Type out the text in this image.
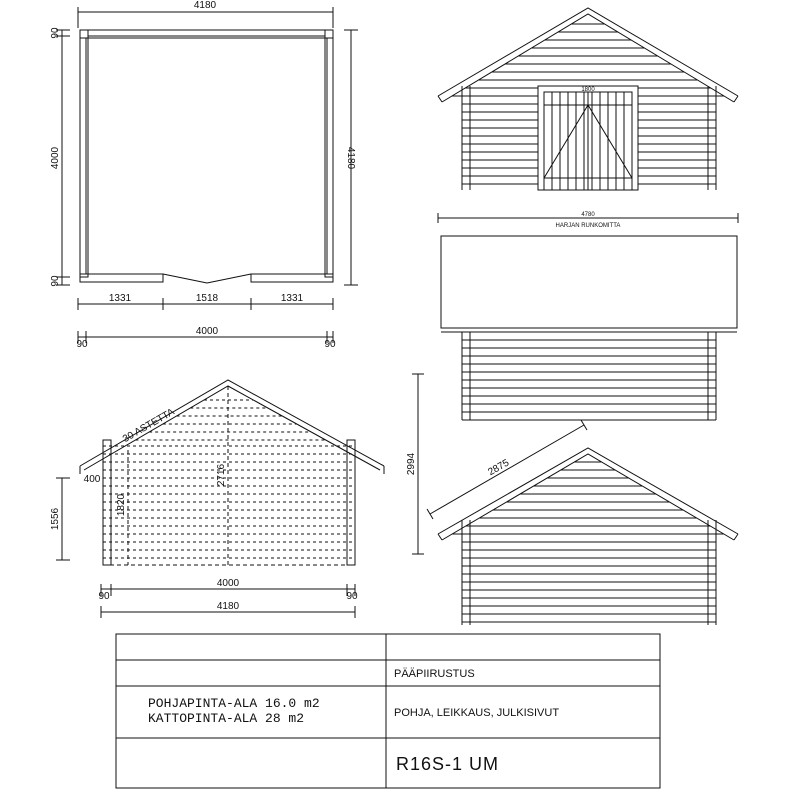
4180
90
4000
90
4180
1331	1518	1331
4000
90	90
30 ASTETTA
400
1556
1820
2716
4000
90	90
4180
1800
4780
HARJAN RUNKOMITTA
2994	2875
PÄÄPIIRUSTUS
POHJAPINTA-ALA 16.0 m2
KATTOPINTA-ALA 28 m2	POHJA, LEIKKAUS, JULKISIVUT
R16S-1 UM
